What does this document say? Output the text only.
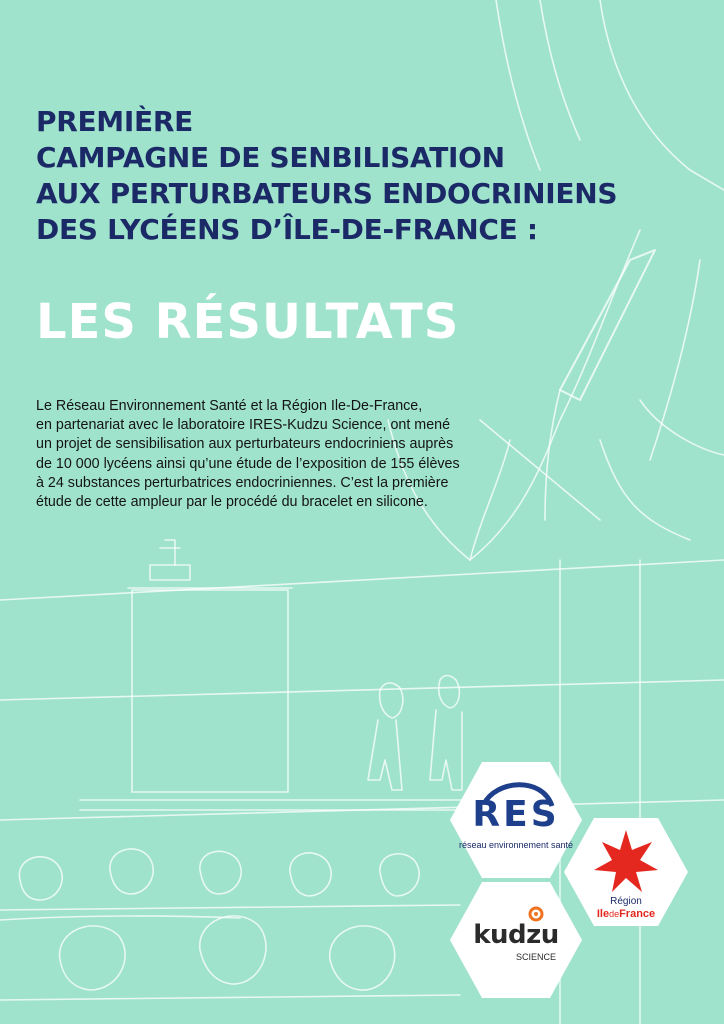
PREMIÈRE
CAMPAGNE DE SENBILISATION
AUX PERTURBATEURS ENDOCRINIENS
DES LYCÉENS D’ÎLE-DE-FRANCE :
LES RÉSULTATS
Le Réseau Environnement Santé et la Région Ile-De-France,
en partenariat avec le laboratoire IRES-Kudzu Science, ont mené
un projet de sensibilisation aux perturbateurs endocriniens auprès
de 10 000 lycéens ainsi qu’une étude de l’exposition de 155 élèves
à 24 substances perturbatrices endocriniennes. C’est la première
étude de cette ampleur par le procédé du bracelet en silicone.
RES
réseau environnement santé
Région
IledeFrance
kudzu
SCIENCE
